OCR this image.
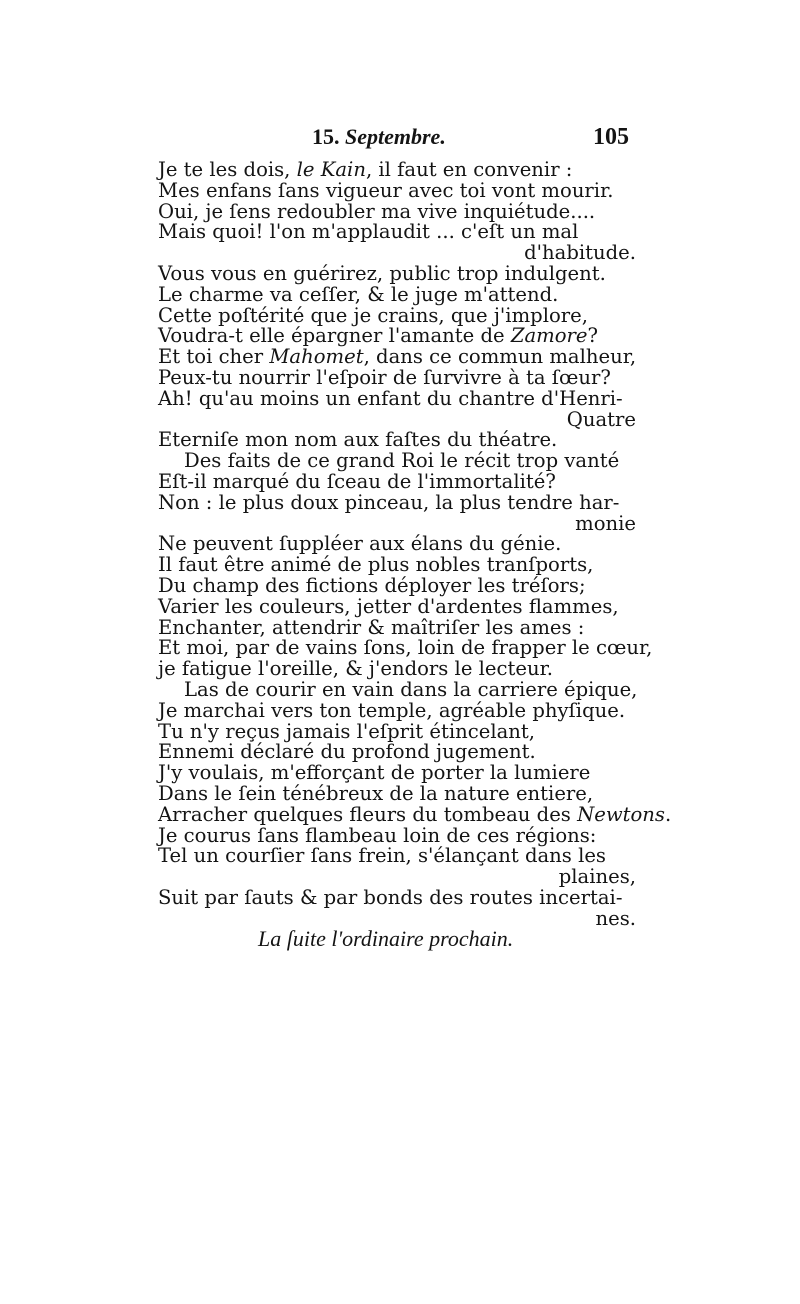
15. Septembre.	105
Je te les dois, le Kain, il faut en convenir :
Mes enfans ſans vigueur avec toi vont mourir.
Oui, je ſens redoubler ma vive inquiétude....
Mais quoi! l'on m'applaudit ... c'eſt un mal
d'habitude.
Vous vous en guérirez, public trop indulgent.
Le charme va ceſſer, & le juge m'attend.
Cette poſtérité que je crains, que j'implore,
Voudra-t elle épargner l'amante de Zamore?
Et toi cher Mahomet, dans ce commun malheur,
Peux-tu nourrir l'eſpoir de ſurvivre à ta ſœur?
Ah! qu'au moins un enfant du chantre d'Henri-
Quatre
Eterniſe mon nom aux faſtes du théatre.
Des faits de ce grand Roi le récit trop vanté
Eſt-il marqué du ſceau de l'immortalité?
Non : le plus doux pinceau, la plus tendre har-
monie
Ne peuvent ſuppléer aux élans du génie.
Il faut être animé de plus nobles tranſports,
Du champ des fictions déployer les tréſors;
Varier les couleurs, jetter d'ardentes flammes,
Enchanter, attendrir & maîtriſer les ames :
Et moi, par de vains ſons, loin de frapper le cœur,
je fatigue l'oreille, & j'endors le lecteur.
Las de courir en vain dans la carriere épique,
Je marchai vers ton temple, agréable phyſique.
Tu n'y reçus jamais l'eſprit étincelant,
Ennemi déclaré du profond jugement.
J'y voulais, m'efforçant de porter la lumiere
Dans le ſein ténébreux de la nature entiere,
Arracher quelques fleurs du tombeau des Newtons.
Je courus ſans flambeau loin de ces régions:
Tel un courſier ſans frein, s'élançant dans les
plaines,
Suit par ſauts & par bonds des routes incertai-
nes.
La ſuite l'ordinaire prochain.
